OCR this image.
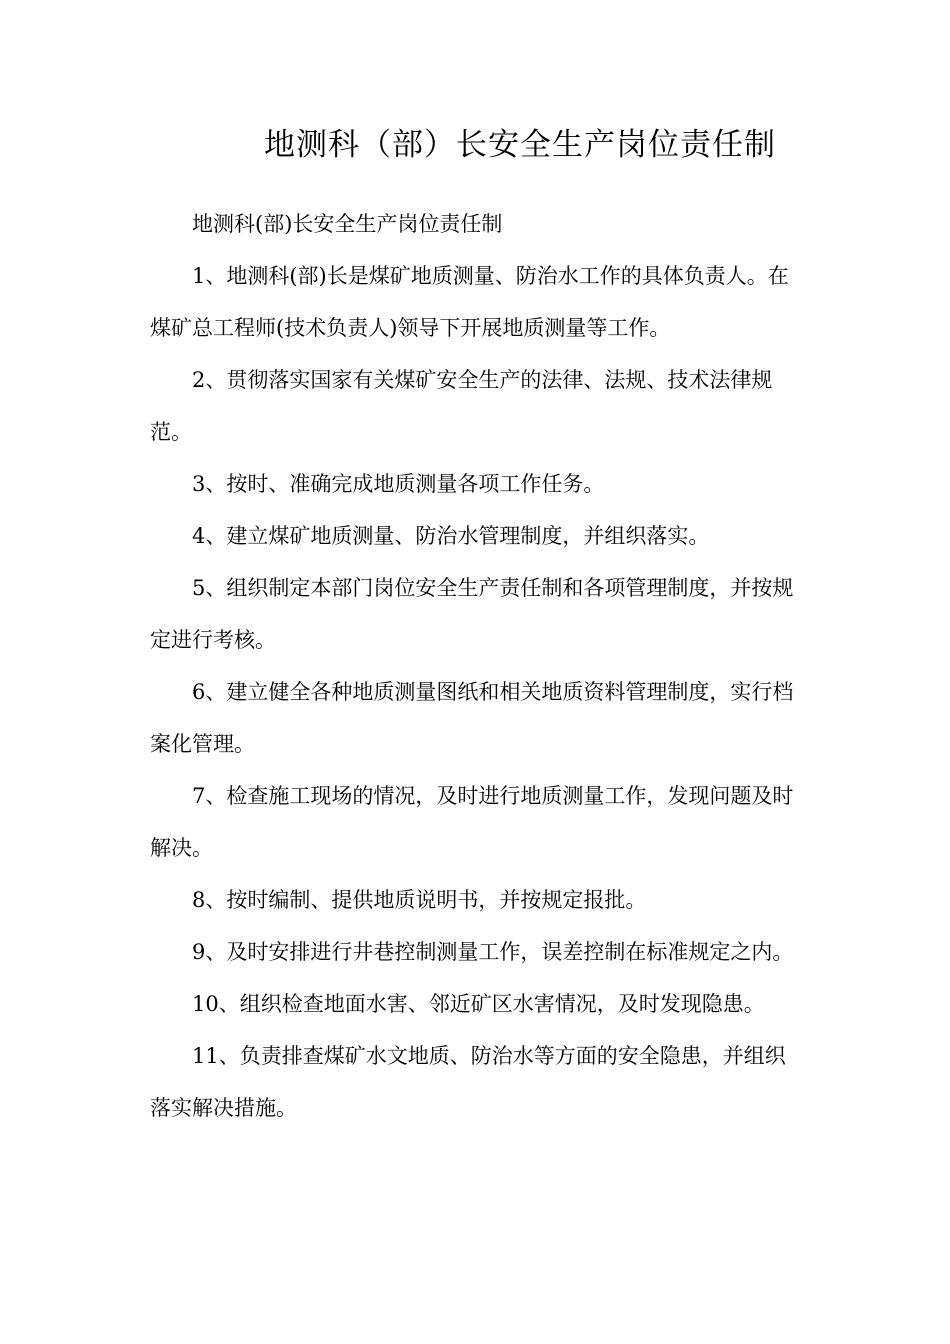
地测科（部）长安全生产岗位责任制

地测科(部)长安全生产岗位责任制

1、地测科(部)长是煤矿地质测量、防治水工作的具体负责人。在煤矿总工程师(技术负责人)领导下开展地质测量等工作。

2、贯彻落实国家有关煤矿安全生产的法律、法规、技术法律规范。

3、按时、准确完成地质测量各项工作任务。

4、建立煤矿地质测量、防治水管理制度，并组织落实。

5、组织制定本部门岗位安全生产责任制和各项管理制度，并按规定进行考核。

6、建立健全各种地质测量图纸和相关地质资料管理制度，实行档案化管理。

7、检查施工现场的情况，及时进行地质测量工作，发现问题及时解决。

8、按时编制、提供地质说明书，并按规定报批。

9、及时安排进行井巷控制测量工作，误差控制在标准规定之内。

10、组织检查地面水害、邻近矿区水害情况，及时发现隐患。

11、负责排查煤矿水文地质、防治水等方面的安全隐患，并组织落实解决措施。
